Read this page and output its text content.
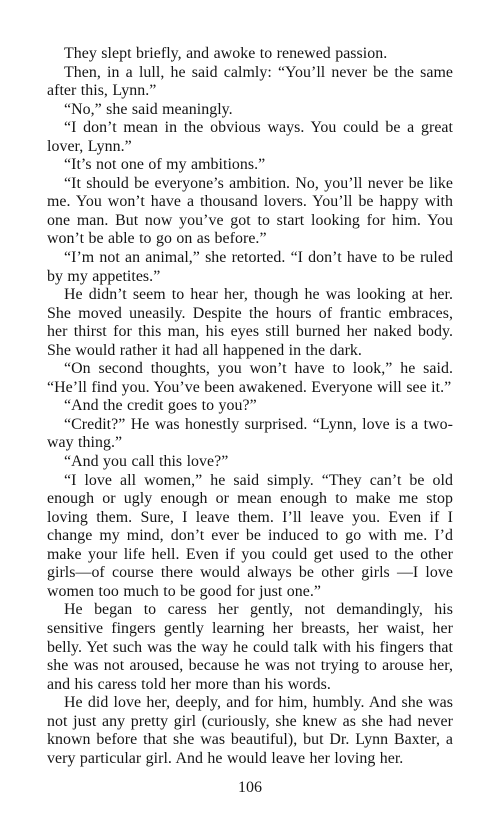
They slept briefly, and awoke to renewed passion.

Then, in a lull, he said calmly: “You’ll never be the same after this, Lynn.”

“No,” she said meaningly.

“I don’t mean in the obvious ways. You could be a great lover, Lynn.”

“It’s not one of my ambitions.”

“It should be everyone’s ambition. No, you’ll never be like me. You won’t have a thousand lovers. You’ll be happy with one man. But now you’ve got to start looking for him. You won’t be able to go on as before.”

“I’m not an animal,” she retorted. “I don’t have to be ruled by my appetites.”

He didn’t seem to hear her, though he was looking at her. She moved uneasily. Despite the hours of frantic embraces, her thirst for this man, his eyes still burned her naked body. She would rather it had all happened in the dark.

“On second thoughts, you won’t have to look,” he said. “He’ll find you. You’ve been awakened. Everyone will see it.”

“And the credit goes to you?”

“Credit?” He was honestly surprised. “Lynn, love is a two-way thing.”

“And you call this love?”

“I love all women,” he said simply. “They can’t be old enough or ugly enough or mean enough to make me stop loving them. Sure, I leave them. I’ll leave you. Even if I change my mind, don’t ever be induced to go with me. I’d make your life hell. Even if you could get used to the other girls—of course there would always be other girls —I love women too much to be good for just one.”

He began to caress her gently, not demandingly, his sensitive fingers gently learning her breasts, her waist, her belly. Yet such was the way he could talk with his fingers that she was not aroused, because he was not trying to arouse her, and his caress told her more than his words.

He did love her, deeply, and for him, humbly. And she was not just any pretty girl (curiously, she knew as she had never known before that she was beautiful), but Dr. Lynn Baxter, a very particular girl. And he would leave her loving her.

106
